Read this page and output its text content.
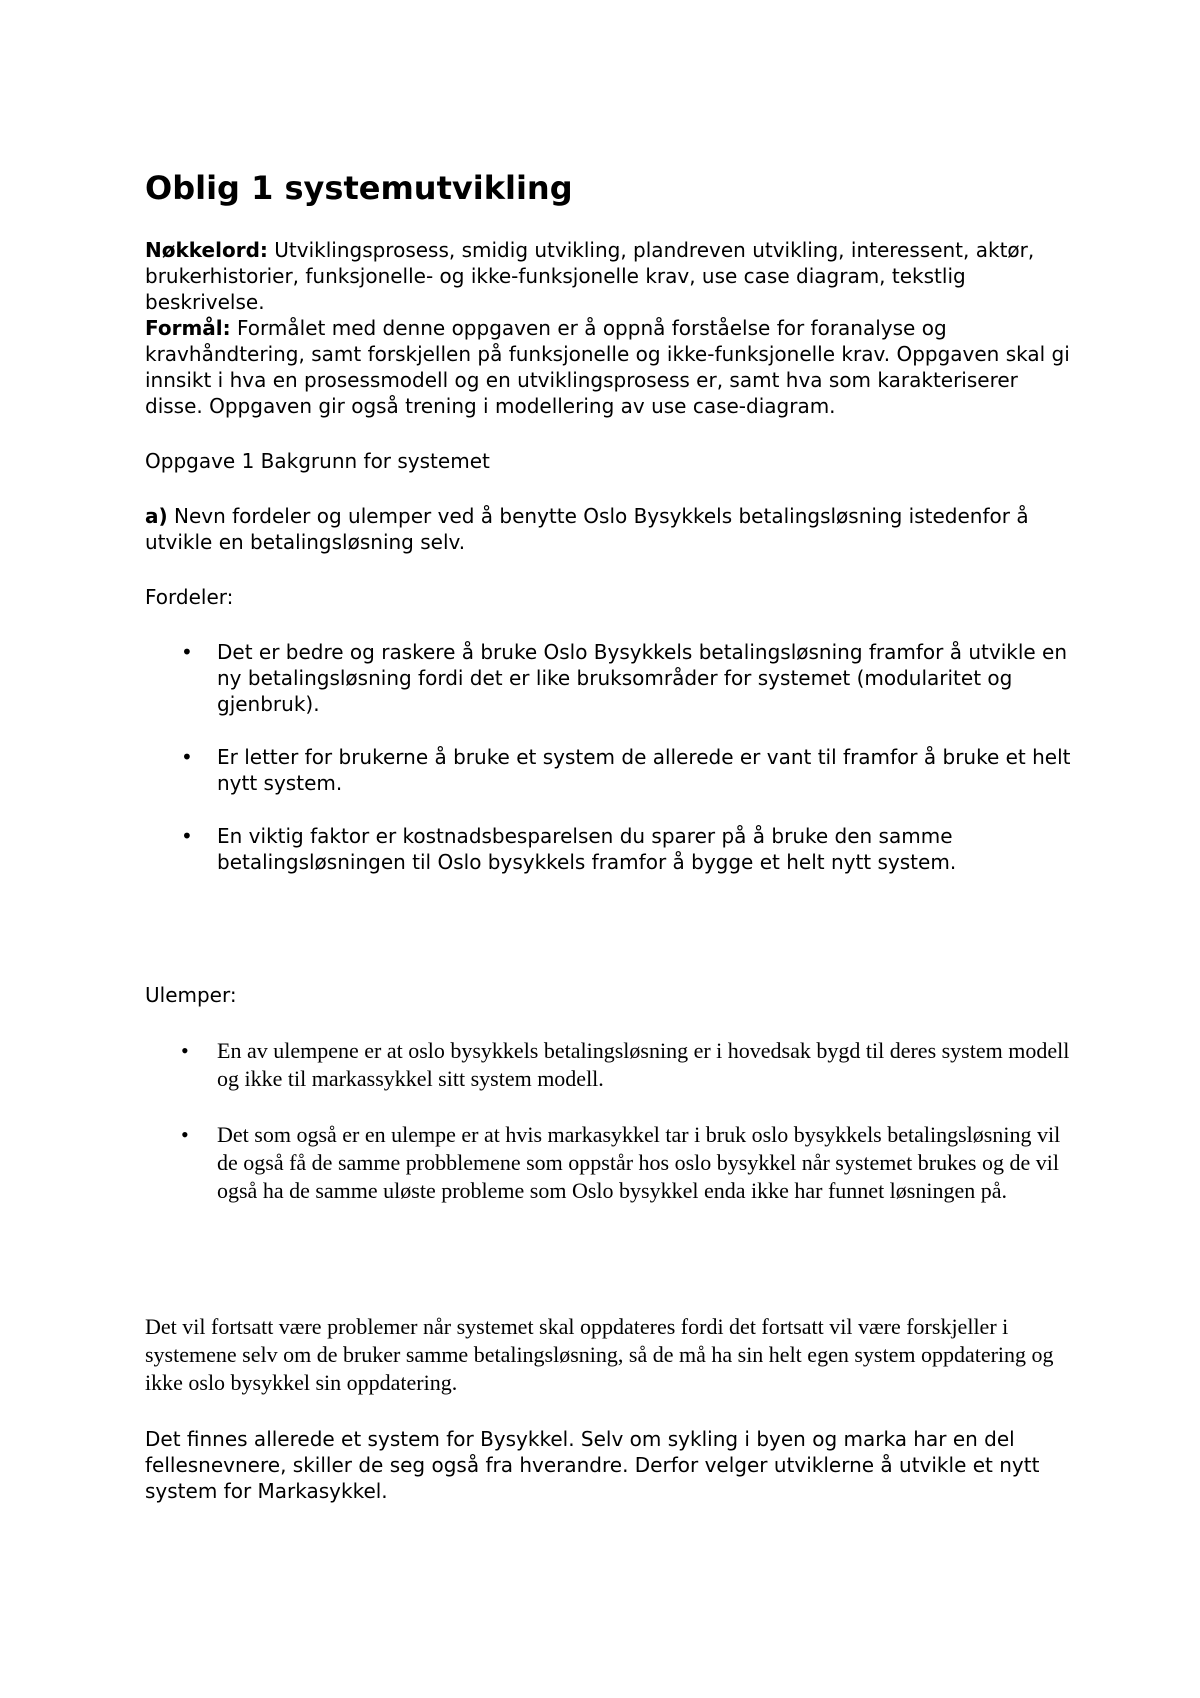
Oblig 1 systemutvikling

Nøkkelord: Utviklingsprosess, smidig utvikling, plandreven utvikling, interessent, aktør, brukerhistorier, funksjonelle- og ikke-funksjonelle krav, use case diagram, tekstlig beskrivelse.

Formål: Formålet med denne oppgaven er å oppnå forståelse for foranalyse og kravhåndtering, samt forskjellen på funksjonelle og ikke-funksjonelle krav. Oppgaven skal gi innsikt i hva en prosessmodell og en utviklingsprosess er, samt hva som karakteriserer disse. Oppgaven gir også trening i modellering av use case-diagram.

Oppgave 1 Bakgrunn for systemet

a) Nevn fordeler og ulemper ved å benytte Oslo Bysykkels betalingsløsning istedenfor å utvikle en betalingsløsning selv.

Fordeler:

• Det er bedre og raskere å bruke Oslo Bysykkels betalingsløsning framfor å utvikle en ny betalingsløsning fordi det er like bruksområder for systemet (modularitet og gjenbruk).
• Er letter for brukerne å bruke et system de allerede er vant til framfor å bruke et helt nytt system.
• En viktig faktor er kostnadsbesparelsen du sparer på å bruke den samme betalingsløsningen til Oslo bysykkels framfor å bygge et helt nytt system.

Ulemper:

• En av ulempene er at oslo bysykkels betalingsløsning er i hovedsak bygd til deres system modell og ikke til markassykkel sitt system modell.
• Det som også er en ulempe er at hvis markasykkel tar i bruk oslo bysykkels betalingsløsning vil de også få de samme probblemene som oppstår hos oslo bysykkel når systemet brukes og de vil også ha de samme uløste probleme som Oslo bysykkel enda ikke har funnet løsningen på.

Det vil fortsatt være problemer når systemet skal oppdateres fordi det fortsatt vil være forskjeller i systemene selv om de bruker samme betalingsløsning, så de må ha sin helt egen system oppdatering og ikke oslo bysykkel sin oppdatering.

Det finnes allerede et system for Bysykkel. Selv om sykling i byen og marka har en del fellesnevnere, skiller de seg også fra hverandre. Derfor velger utviklerne å utvikle et nytt system for Markasykkel.
